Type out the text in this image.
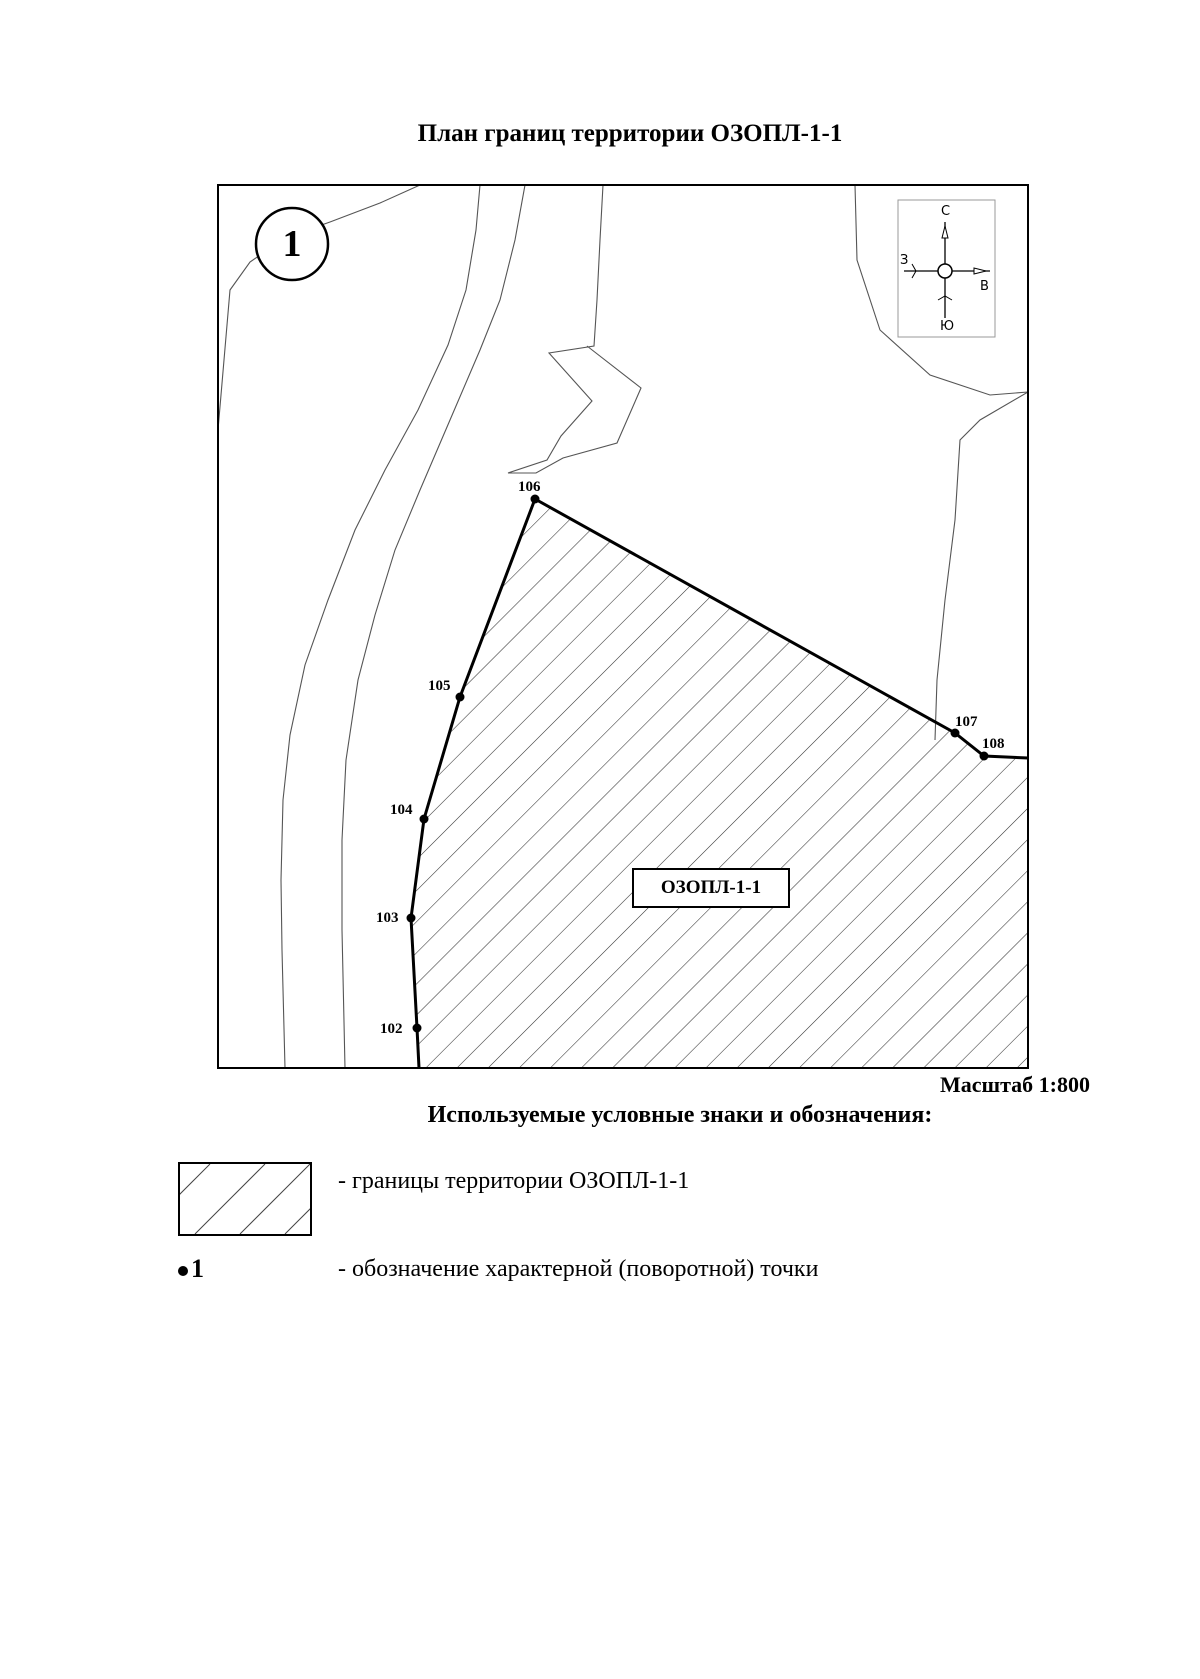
План границ территории ОЗОПЛ-1-1
С
З
В
Ю
102
103
104
105
106
107
108
1
ОЗОПЛ-1-1
Масштаб 1:800
Используемые условные знаки и обозначения:
- границы территории ОЗОПЛ-1-1
1	- обозначение характерной (поворотной) точки
